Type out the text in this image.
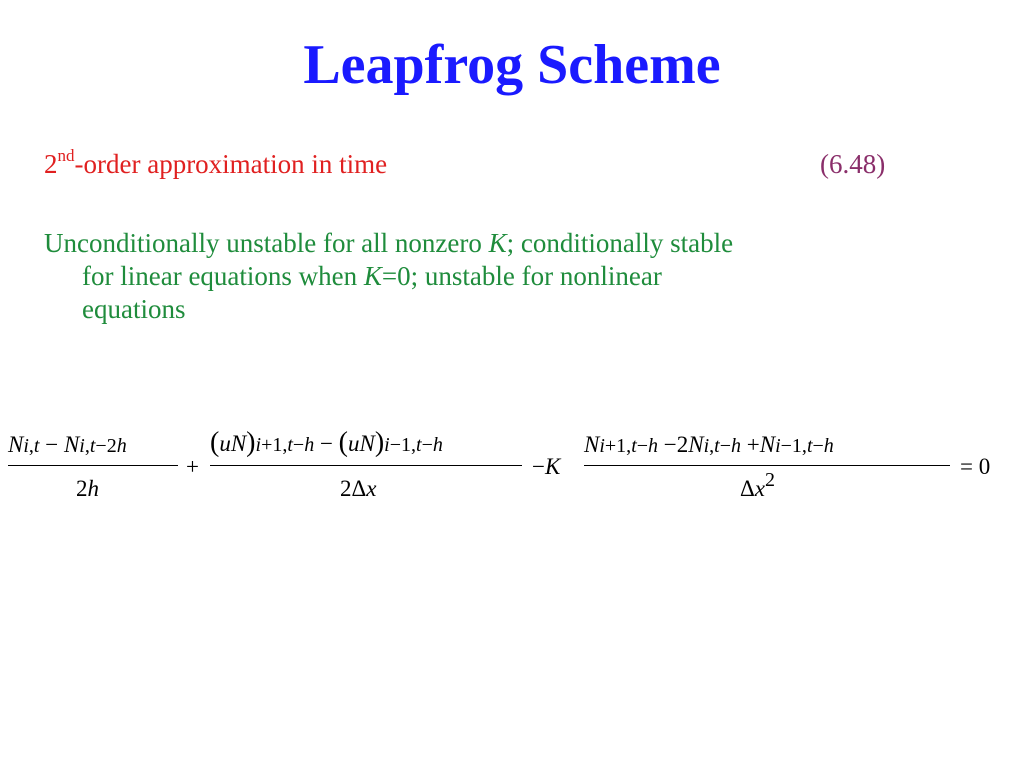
Leapfrog Scheme
2nd-order approximation in time	(6.48)
Unconditionally unstable for all nonzero K; conditionally stable
for linear equations when K=0; unstable for nonlinear
equations
Ni,t − Ni,t−2h
2h
+
(uN)i+1,t−h − (uN)i−1,t−h
2Δx
−K
Ni+1,t−h −2Ni,t−h +Ni−1,t−h
Δx2
= 0
